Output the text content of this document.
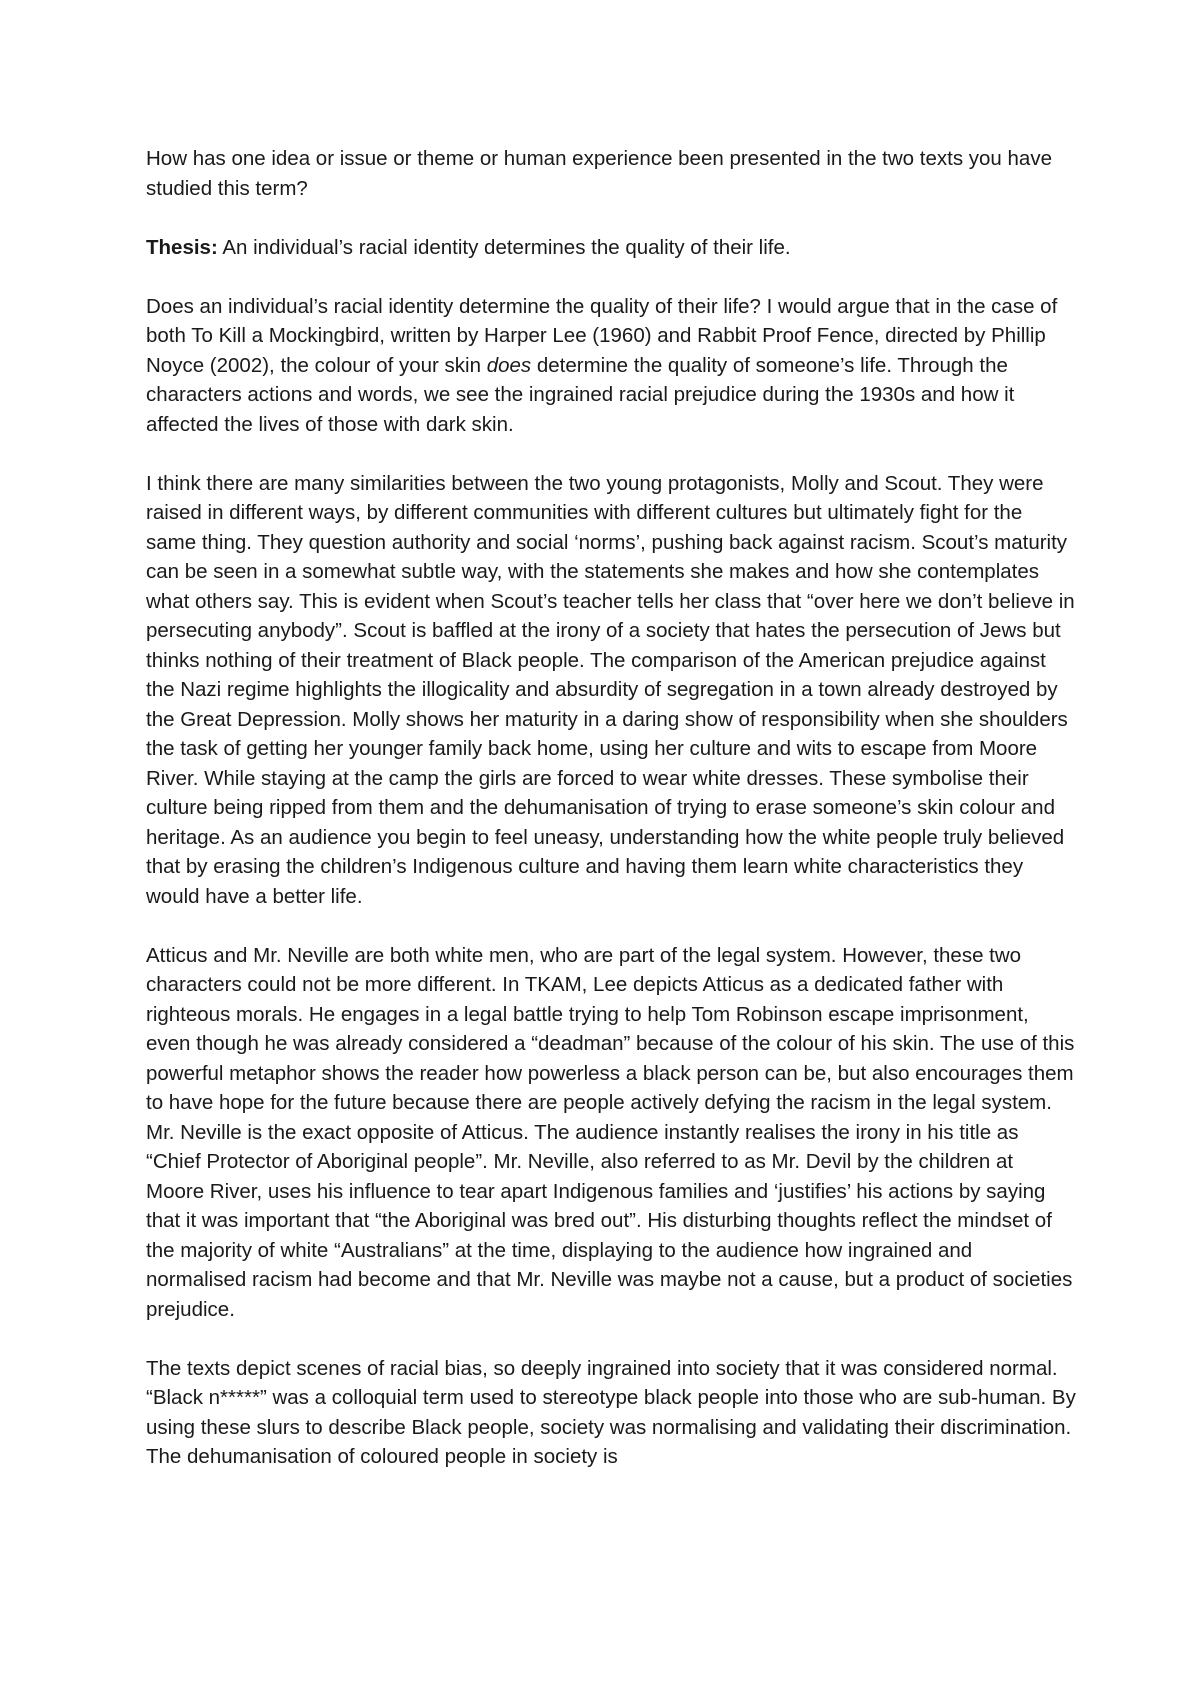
How has one idea or issue or theme or human experience been presented in the two texts you have studied this term?

Thesis: An individual’s racial identity determines the quality of their life.

Does an individual’s racial identity determine the quality of their life? I would argue that in the case of both To Kill a Mockingbird, written by Harper Lee (1960) and Rabbit Proof Fence, directed by Phillip Noyce (2002), the colour of your skin does determine the quality of someone’s life. Through the characters actions and words, we see the ingrained racial prejudice during the 1930s and how it affected the lives of those with dark skin.

I think there are many similarities between the two young protagonists, Molly and Scout. They were raised in different ways, by different communities with different cultures but ultimately fight for the same thing. They question authority and social ‘norms’, pushing back against racism. Scout’s maturity can be seen in a somewhat subtle way, with the statements she makes and how she contemplates what others say. This is evident when Scout’s teacher tells her class that “over here we don’t believe in persecuting anybody”. Scout is baffled at the irony of a society that hates the persecution of Jews but thinks nothing of their treatment of Black people. The comparison of the American prejudice against the Nazi regime highlights the illogicality and absurdity of segregation in a town already destroyed by the Great Depression. Molly shows her maturity in a daring show of responsibility when she shoulders the task of getting her younger family back home, using her culture and wits to escape from Moore River. While staying at the camp the girls are forced to wear white dresses. These symbolise their culture being ripped from them and the dehumanisation of trying to erase someone’s skin colour and heritage. As an audience you begin to feel uneasy, understanding how the white people truly believed that by erasing the children’s Indigenous culture and having them learn white characteristics they would have a better life.

Atticus and Mr. Neville are both white men, who are part of the legal system. However, these two characters could not be more different. In TKAM, Lee depicts Atticus as a dedicated father with righteous morals. He engages in a legal battle trying to help Tom Robinson escape imprisonment, even though he was already considered a “deadman” because of the colour of his skin. The use of this powerful metaphor shows the reader how powerless a black person can be, but also encourages them to have hope for the future because there are people actively defying the racism in the legal system. Mr. Neville is the exact opposite of Atticus. The audience instantly realises the irony in his title as “Chief Protector of Aboriginal people”. Mr. Neville, also referred to as Mr. Devil by the children at Moore River, uses his influence to tear apart Indigenous families and ‘justifies’ his actions by saying that it was important that “the Aboriginal was bred out”. His disturbing thoughts reflect the mindset of the majority of white “Australians” at the time, displaying to the audience how ingrained and normalised racism had become and that Mr. Neville was maybe not a cause, but a product of societies prejudice.

The texts depict scenes of racial bias, so deeply ingrained into society that it was considered normal. “Black n*****” was a colloquial term used to stereotype black people into those who are sub-human. By using these slurs to describe Black people, society was normalising and validating their discrimination. The dehumanisation of coloured people in society is
